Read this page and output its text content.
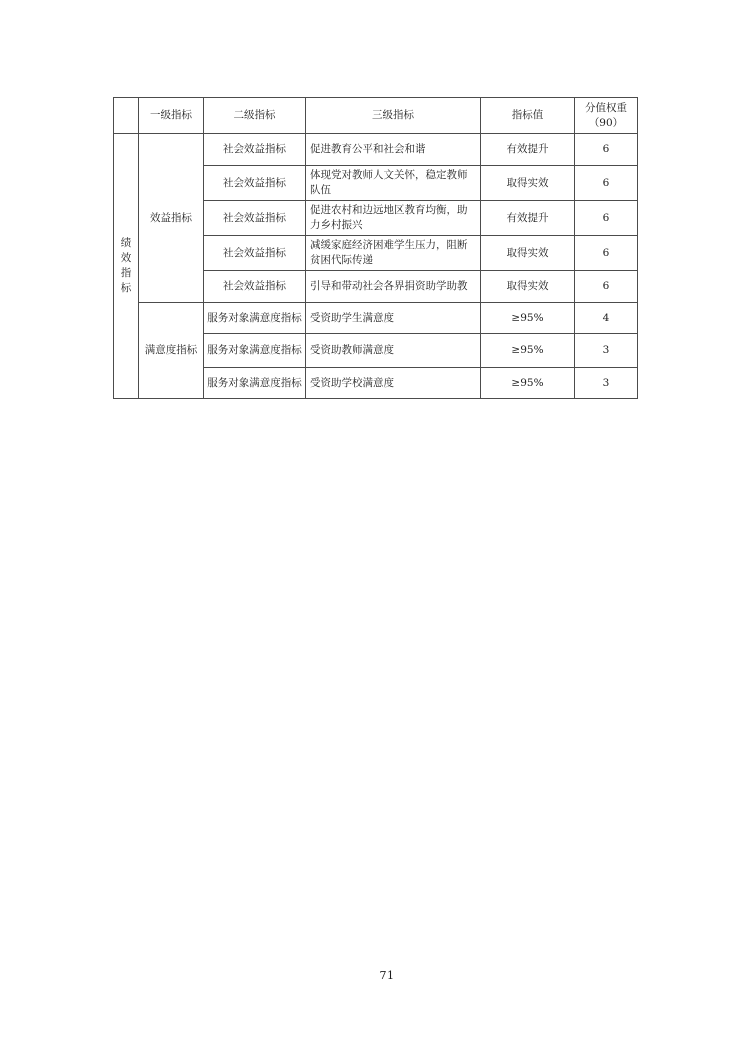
	一级指标	二级指标	三级指标	指标值	分值权重
（90）

绩效
指标	效益指标	社会效益指标	促进教育公平和社会和谐	有效提升	6
		社会效益指标	体现党对教师人文关怀，稳定教师队伍	取得实效	6
		社会效益指标	促进农村和边远地区教育均衡，助力乡村振兴	有效提升	6
		社会效益指标	减缓家庭经济困难学生压力，阻断贫困代际传递	取得实效	6
		社会效益指标	引导和带动社会各界捐资助学助教	取得实效	6
	满意度指标	服务对象满意度指标	受资助学生满意度	≥95%	4
		服务对象满意度指标	受资助教师满意度	≥95%	3
		服务对象满意度指标	受资助学校满意度	≥95%	3
71
